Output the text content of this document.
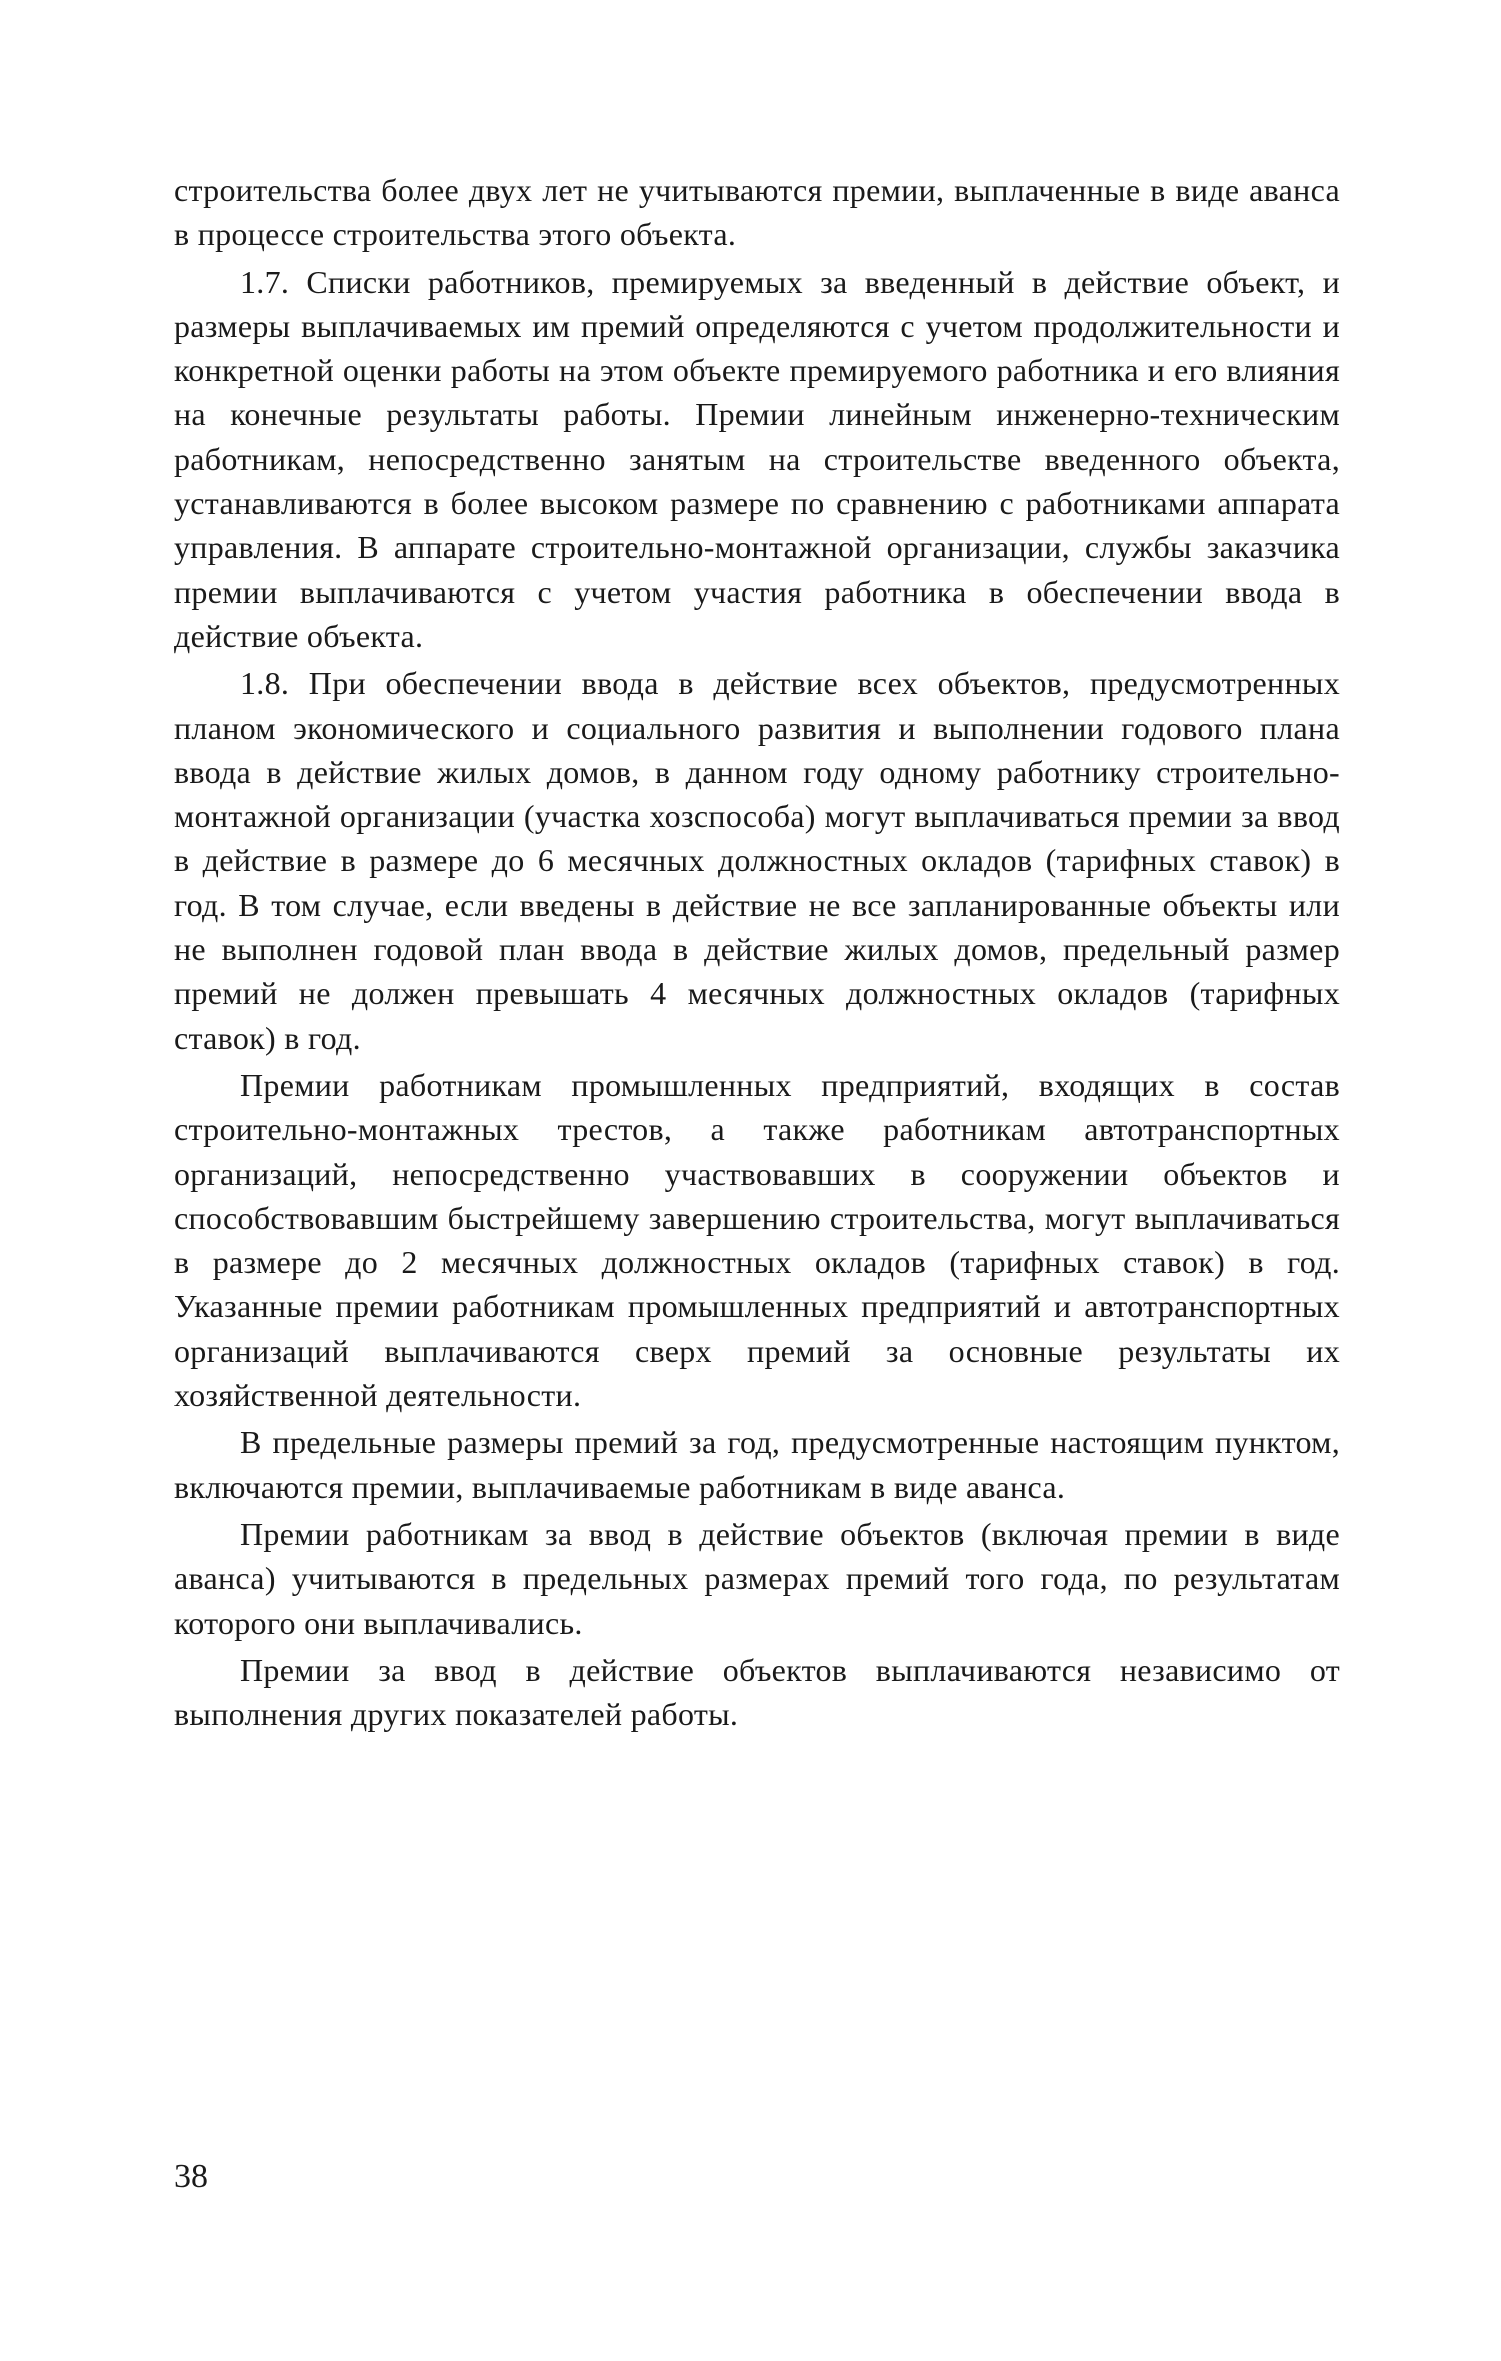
строительства более двух лет не учитываются премии, выплаченные в виде аванса в процессе строительства этого объекта.

1.7. Списки работников, премируемых за введенный в действие объект, и размеры выплачиваемых им премий определяются с учетом продолжительности и конкретной оценки работы на этом объекте премируемого работника и его влияния на конечные результаты работы. Премии линейным инженерно-техническим работникам, непосредственно занятым на строительстве введенного объекта, устанавливаются в более высоком размере по сравнению с работниками аппарата управления. В аппарате строительно-монтажной организации, службы заказчика премии выплачиваются с учетом участия работника в обеспечении ввода в действие объекта.

1.8. При обеспечении ввода в действие всех объектов, предусмотренных планом экономического и социального развития и выполнении годового плана ввода в действие жилых домов, в данном году одному работнику строительно-монтажной организации (участка хозспособа) могут выплачиваться премии за ввод в действие в размере до 6 месячных должностных окладов (тарифных ставок) в год. В том случае, если введены в действие не все запланированные объекты или не выполнен годовой план ввода в действие жилых домов, предельный размер премий не должен превышать 4 месячных должностных окладов (тарифных ставок) в год.

Премии работникам промышленных предприятий, входящих в состав строительно-монтажных трестов, а также работникам автотранспортных организаций, непосредственно участвовавших в сооружении объектов и способствовавшим быстрейшему завершению строительства, могут выплачиваться в размере до 2 месячных должностных окладов (тарифных ставок) в год. Указанные премии работникам промышленных предприятий и автотранспортных организаций выплачиваются сверх премий за основные результаты их хозяйственной деятельности.

В предельные размеры премий за год, предусмотренные настоящим пунктом, включаются премии, выплачиваемые работникам в виде аванса.

Премии работникам за ввод в действие объектов (включая премии в виде аванса) учитываются в предельных размерах премий того года, по результатам которого они выплачивались.

Премии за ввод в действие объектов выплачиваются независимо от выполнения других показателей работы.

38
